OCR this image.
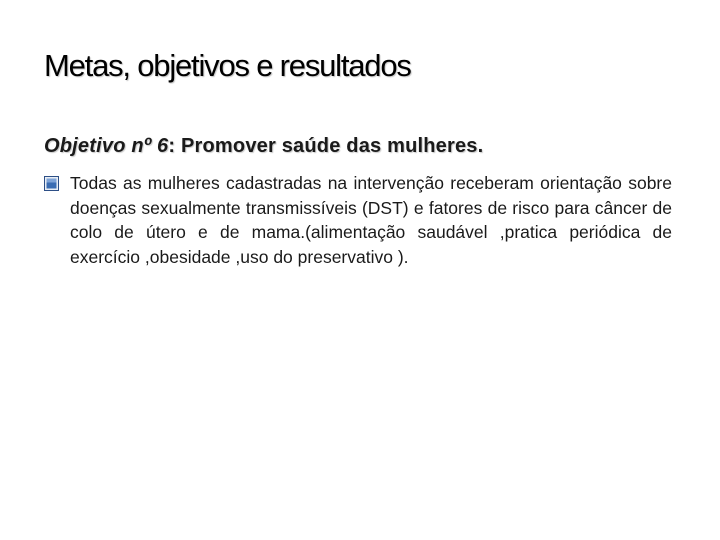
Metas, objetivos e resultados
Objetivo nº 6: Promover saúde das mulheres.
Todas as mulheres cadastradas na intervenção receberam orientação sobre doenças sexualmente transmissíveis (DST) e fatores de risco para câncer de colo de útero e de mama.(alimentação saudável ,pratica periódica de exercício ,obesidade ,uso do preservativo ).
